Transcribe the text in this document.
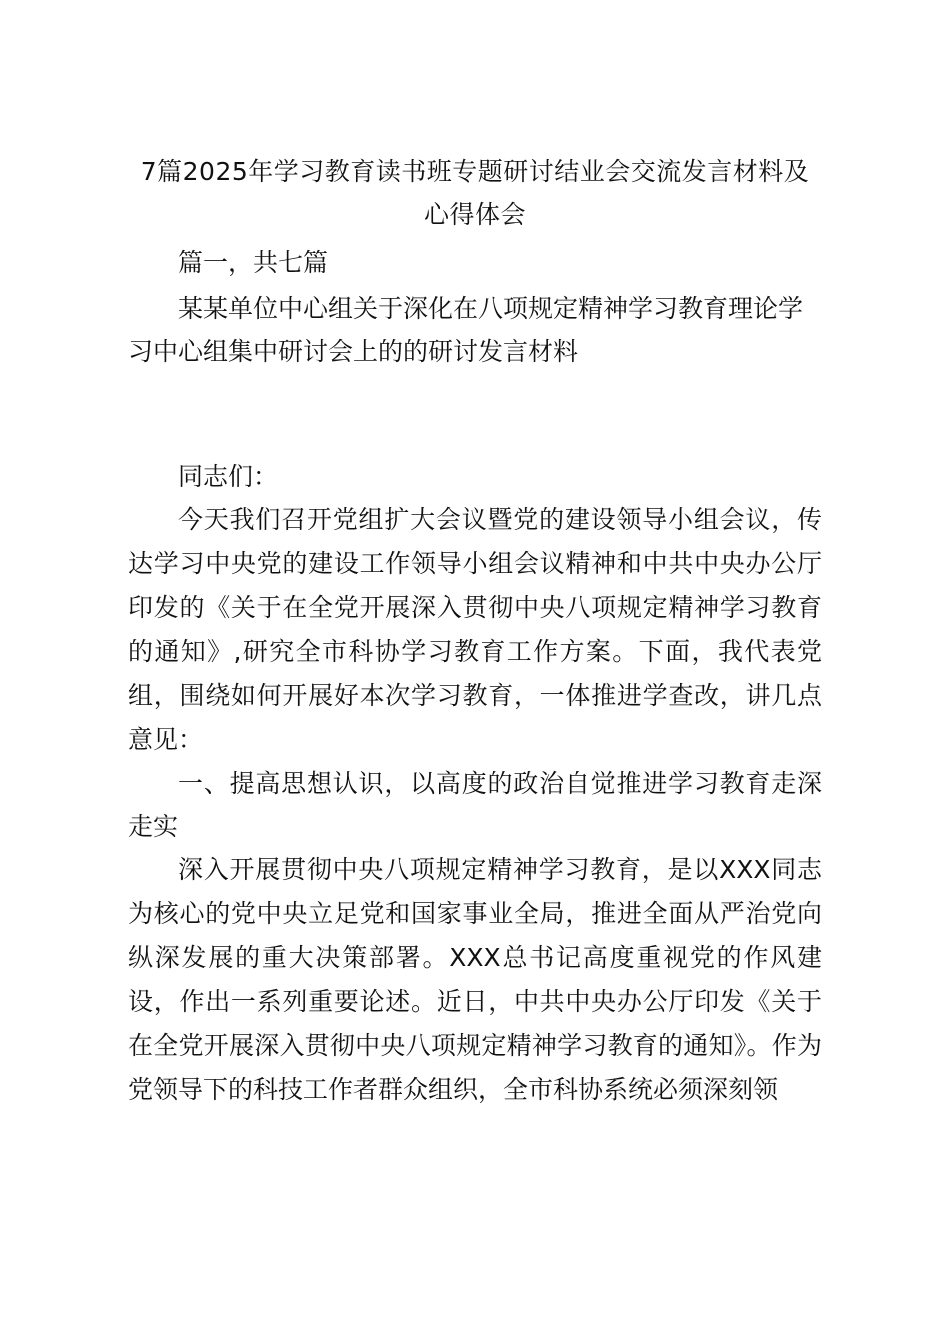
7篇2025年学习教育读书班专题研讨结业会交流发言材料及心得体会

篇一，共七篇

某某单位中心组关于深化在八项规定精神学习教育理论学习中心组集中研讨会上的的研讨发言材料

同志们：

今天我们召开党组扩大会议暨党的建设领导小组会议，传达学习中央党的建设工作领导小组会议精神和中共中央办公厅印发的《关于在全党开展深入贯彻中央八项规定精神学习教育的通知》,研究全市科协学习教育工作方案。下面，我代表党组，围绕如何开展好本次学习教育，一体推进学查改，讲几点意见：

一、提高思想认识，以高度的政治自觉推进学习教育走深走实

深入开展贯彻中央八项规定精神学习教育，是以XXX同志为核心的党中央立足党和国家事业全局，推进全面从严治党向纵深发展的重大决策部署。XXX总书记高度重视党的作风建设，作出一系列重要论述。近日，中共中央办公厅印发《关于在全党开展深入贯彻中央八项规定精神学习教育的通知》。作为党领导下的科技工作者群众组织，全市科协系统必须深刻领
